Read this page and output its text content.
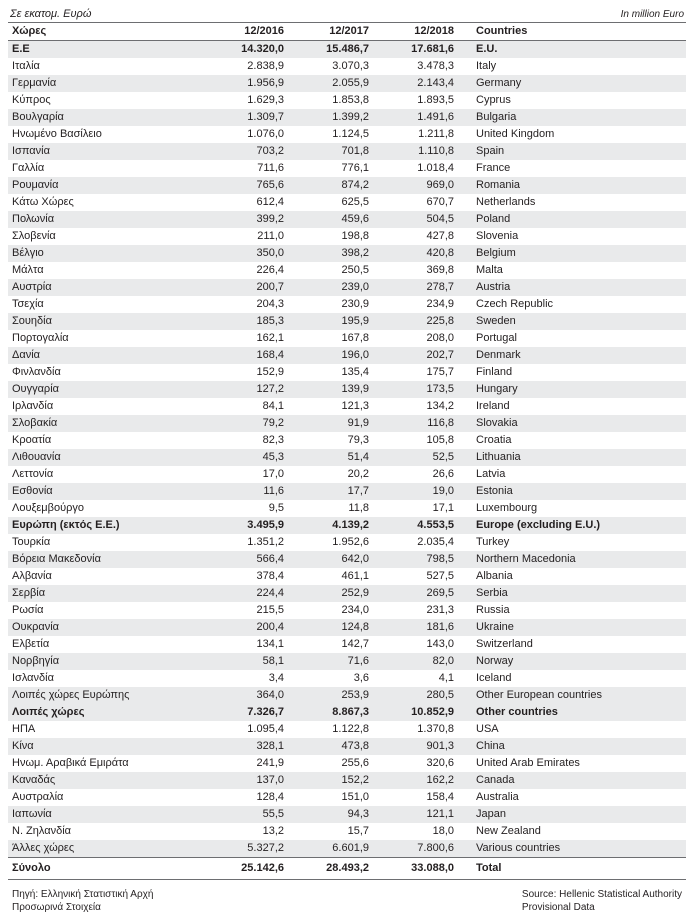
Σε εκατομ. Ευρώ	In million Euro
Χώρες	12/2016	12/2017	12/2018		Countries
Ε.Ε	14.320,0	15.486,7	17.681,6		E.U.
Ιταλία	2.838,9	3.070,3	3.478,3		Italy
Γερμανία	1.956,9	2.055,9	2.143,4		Germany
Κύπρος	1.629,3	1.853,8	1.893,5		Cyprus
Βουλγαρία	1.309,7	1.399,2	1.491,6		Bulgaria
Ηνωμένο Βασίλειο	1.076,0	1.124,5	1.211,8		United Kingdom
Ισπανία	703,2	701,8	1.110,8		Spain
Γαλλία	711,6	776,1	1.018,4		France
Ρουμανία	765,6	874,2	969,0		Romania
Κάτω Χώρες	612,4	625,5	670,7		Netherlands
Πολωνία	399,2	459,6	504,5		Poland
Σλοβενία	211,0	198,8	427,8		Slovenia
Βέλγιο	350,0	398,2	420,8		Belgium
Μάλτα	226,4	250,5	369,8		Malta
Αυστρία	200,7	239,0	278,7		Austria
Τσεχία	204,3	230,9	234,9		Czech Republic
Σουηδία	185,3	195,9	225,8		Sweden
Πορτογαλία	162,1	167,8	208,0		Portugal
Δανία	168,4	196,0	202,7		Denmark
Φινλανδία	152,9	135,4	175,7		Finland
Ουγγαρία	127,2	139,9	173,5		Hungary
Ιρλανδία	84,1	121,3	134,2		Ireland
Σλοβακία	79,2	91,9	116,8		Slovakia
Κροατία	82,3	79,3	105,8		Croatia
Λιθουανία	45,3	51,4	52,5		Lithuania
Λεττονία	17,0	20,2	26,6		Latvia
Εσθονία	11,6	17,7	19,0		Estonia
Λουξεμβούργο	9,5	11,8	17,1		Luxembourg
Ευρώπη (εκτός Ε.Ε.)	3.495,9	4.139,2	4.553,5		Europe (excluding E.U.)
Τουρκία	1.351,2	1.952,6	2.035,4		Turkey
Βόρεια Μακεδονία	566,4	642,0	798,5		Northern Macedonia
Αλβανία	378,4	461,1	527,5		Albania
Σερβία	224,4	252,9	269,5		Serbia
Ρωσία	215,5	234,0	231,3		Russia
Ουκρανία	200,4	124,8	181,6		Ukraine
Ελβετία	134,1	142,7	143,0		Switzerland
Νορβηγία	58,1	71,6	82,0		Norway
Ισλανδία	3,4	3,6	4,1		Iceland
Λοιπές χώρες Ευρώπης	364,0	253,9	280,5		Other European countries
Λοιπές χώρες	7.326,7	8.867,3	10.852,9		Other countries
ΗΠΑ	1.095,4	1.122,8	1.370,8		USA
Κίνα	328,1	473,8	901,3		China
Ηνωμ. Αραβικά Εμιράτα	241,9	255,6	320,6		United Arab Emirates
Καναδάς	137,0	152,2	162,2		Canada
Αυστραλία	128,4	151,0	158,4		Australia
Ιαπωνία	55,5	94,3	121,1		Japan
Ν. Ζηλανδία	13,2	15,7	18,0		New Zealand
Άλλες χώρες	5.327,2	6.601,9	7.800,6		Various countries
Σύνολο	25.142,6	28.493,2	33.088,0		Total
Πηγή: Ελληνική Στατιστική Αρχή
Προσωρινά Στοιχεία
Source: Hellenic Statistical Authority
Provisional Data
